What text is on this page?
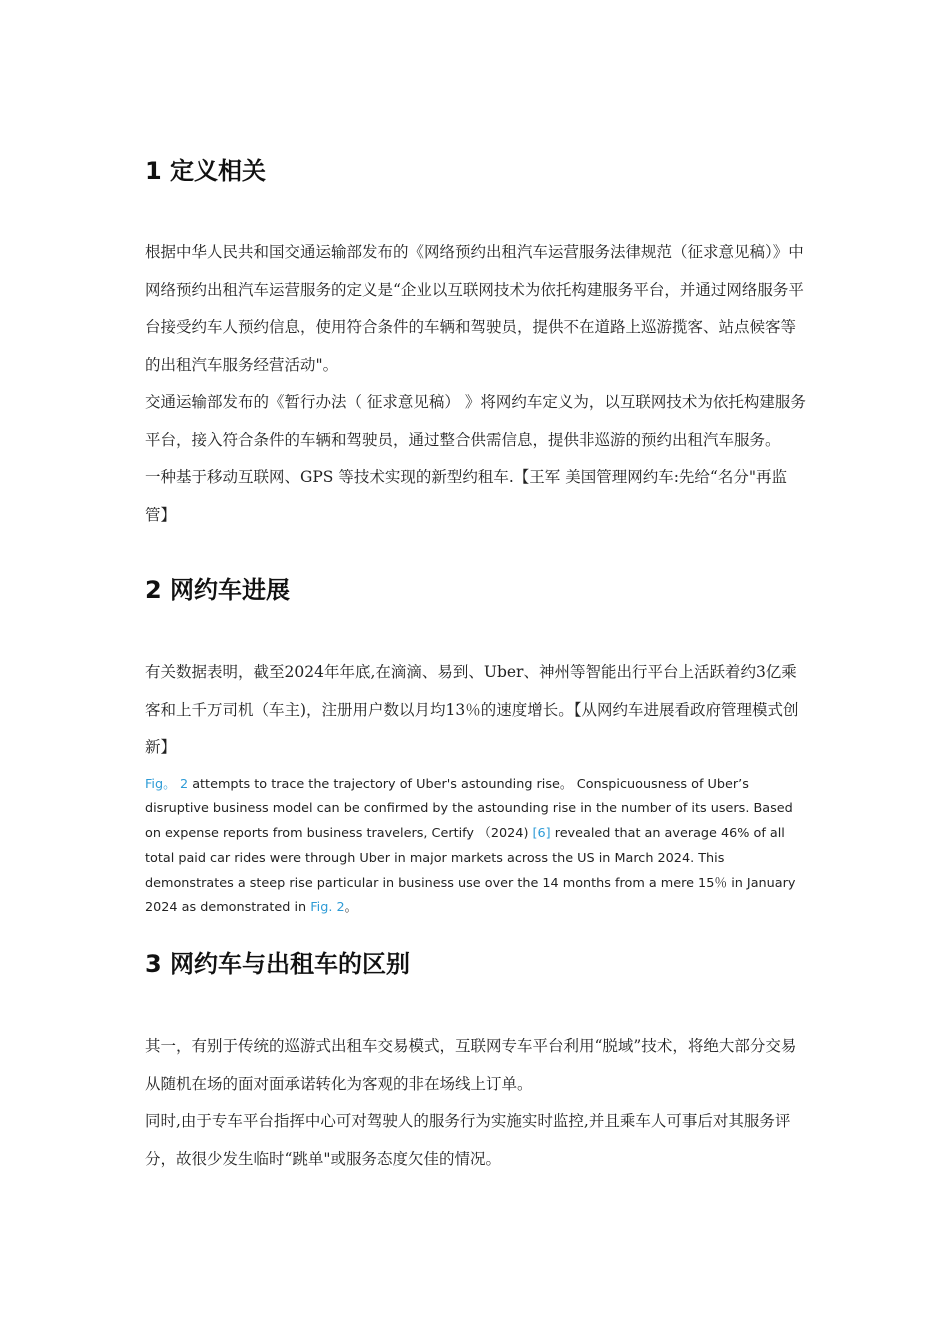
1 定义相关

根据中华人民共和国交通运输部发布的《网络预约出租汽车运营服务法律规范（征求意见稿）》中网络预约出租汽车运营服务的定义是“企业以互联网技术为依托构建服务平台，并通过网络服务平台接受约车人预约信息，使用符合条件的车辆和驾驶员，提供不在道路上巡游揽客、站点候客等的出租汽车服务经营活动"。

交通运输部发布的《暂行办法（ 征求意见稿） 》将网约车定义为，以互联网技术为依托构建服务平台，接入符合条件的车辆和驾驶员，通过整合供需信息，提供非巡游的预约出租汽车服务。

一种基于移动互联网、GPS 等技术实现的新型约租车.【王军 美国管理网约车:先给“名分"再监管】

2 网约车进展

有关数据表明，截至2024年年底,在滴滴、易到、Uber、神州等智能出行平台上活跃着约3亿乘客和上千万司机（车主)，注册用户数以月均13％的速度增长。【从网约车进展看政府管理模式创新】

Fig。 2 attempts to trace the trajectory of Uber's astounding rise。 Conspicuousness of Uber’s disruptive business model can be confirmed by the astounding rise in the number of its users. Based on expense reports from business travelers, Certify （2024) [6] revealed that an average 46% of all total paid car rides were through Uber in major markets across the US in March 2024. This demonstrates a steep rise particular in business use over the 14 months from a mere 15％ in January 2024 as demonstrated in Fig. 2。

3 网约车与出租车的区别

其一，有别于传统的巡游式出租车交易模式，互联网专车平台利用“脱域”技术，将绝大部分交易从随机在场的面对面承诺转化为客观的非在场线上订单。

同时,由于专车平台指挥中心可对驾驶人的服务行为实施实时监控,并且乘车人可事后对其服务评分，故很少发生临时“跳单"或服务态度欠佳的情况。
